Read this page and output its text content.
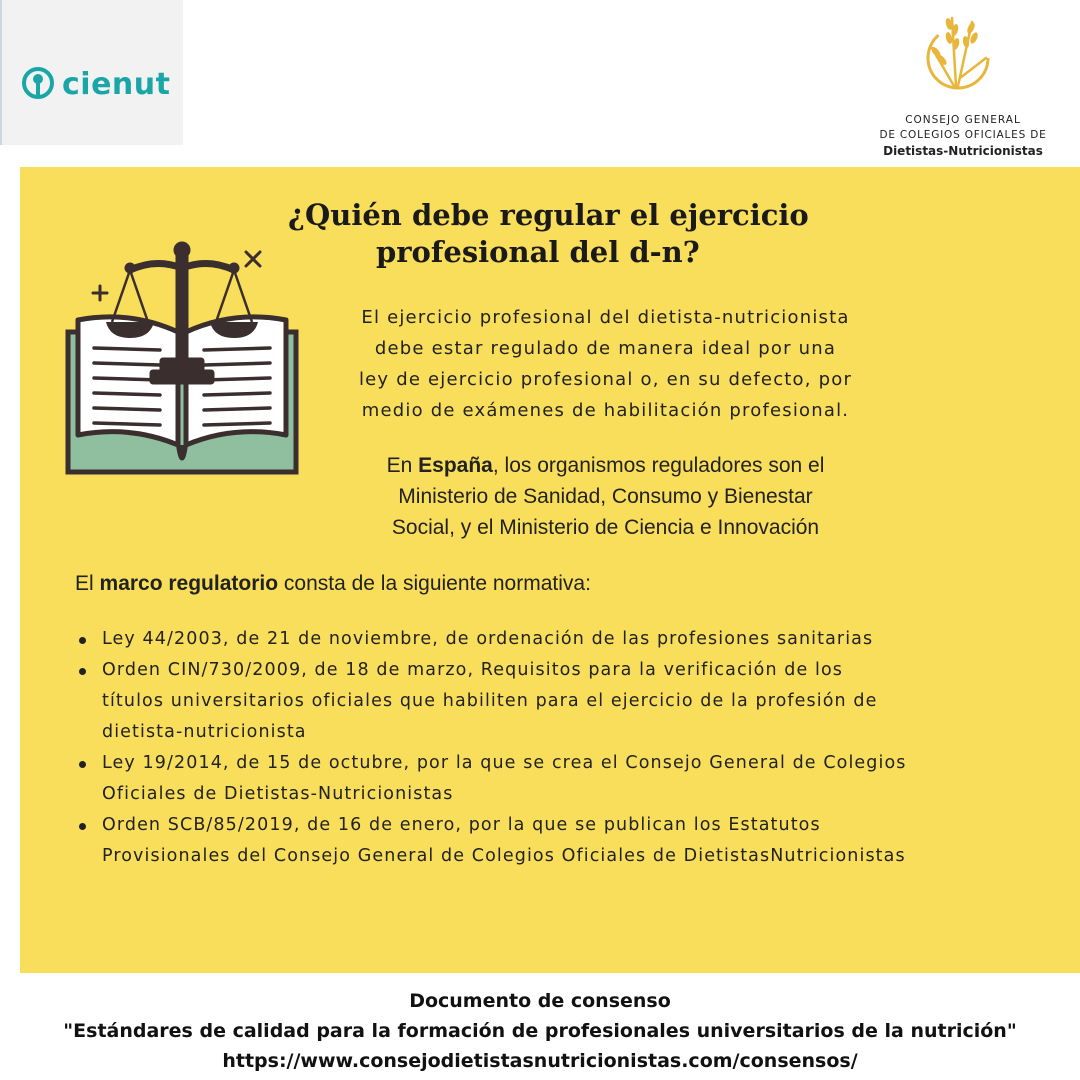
cienut
CONSEJO GENERAL
DE COLEGIOS OFICIALES DE
Dietistas-Nutricionistas
¿Quién debe regular el ejercicio
profesional del d-n?
El ejercicio profesional del dietista-nutricionista
debe estar regulado de manera ideal por una
ley de ejercicio profesional o, en su defecto, por
medio de exámenes de habilitación profesional.
En España, los organismos reguladores son el
Ministerio de Sanidad, Consumo y Bienestar
Social, y el Ministerio de Ciencia e Innovación
El marco regulatorio consta de la siguiente normativa:
Ley 44/2003, de 21 de noviembre, de ordenación de las profesiones sanitarias
Orden CIN/730/2009, de 18 de marzo, Requisitos para la verificación de los
títulos universitarios oficiales que habiliten para el ejercicio de la profesión de
dietista-nutricionista
Ley 19/2014, de 15 de octubre, por la que se crea el Consejo General de Colegios
Oficiales de Dietistas-Nutricionistas
Orden SCB/85/2019, de 16 de enero, por la que se publican los Estatutos
Provisionales del Consejo General de Colegios Oficiales de DietistasNutricionistas
Documento de consenso
"Estándares de calidad para la formación de profesionales universitarios de la nutrición"
https://www.consejodietistasnutricionistas.com/consensos/
